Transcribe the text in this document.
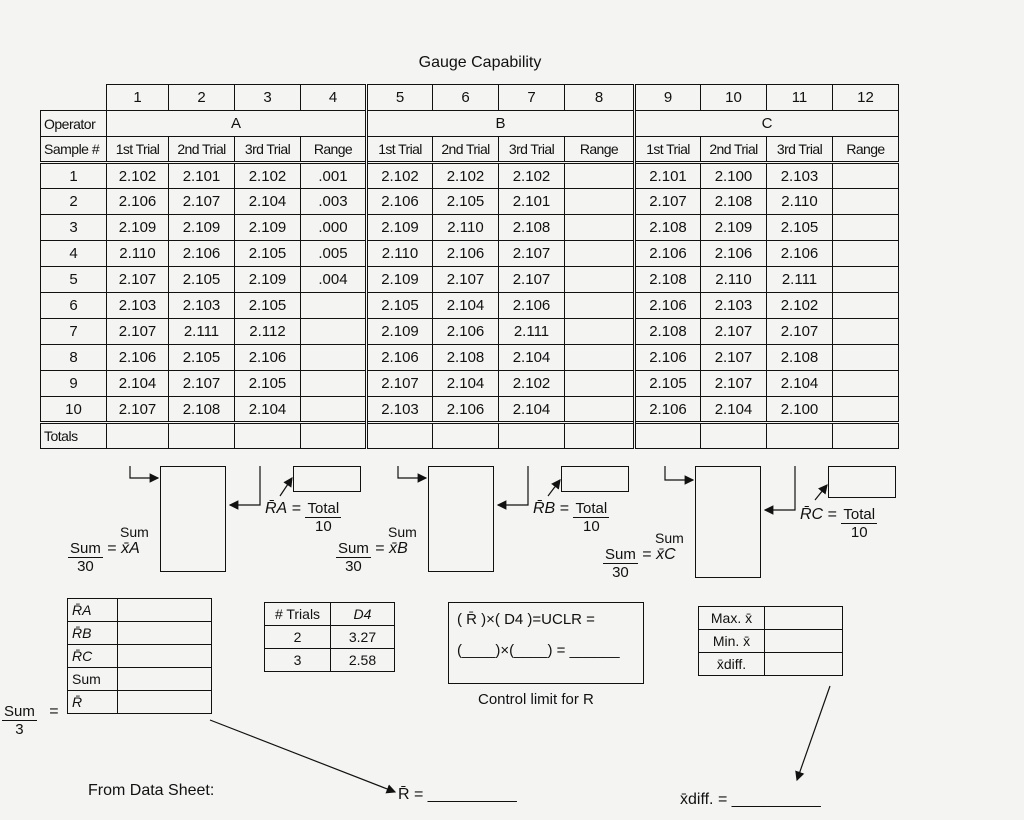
Gauge Capability
	1	2	3	4	5	6	7	8	9	10	11	12
Operator	A				B				C			
Sample #	1st Trial	2nd Trial	3rd Trial	Range	1st Trial	2nd Trial	3rd Trial	Range	1st Trial	2nd Trial	3rd Trial	Range
1	2.102	2.101	2.102	.001	2.102	2.102	2.102		2.101	2.100	2.103	
2	2.106	2.107	2.104	.003	2.106	2.105	2.101		2.107	2.108	2.110	
3	2.109	2.109	2.109	.000	2.109	2.110	2.108		2.108	2.109	2.105	
4	2.110	2.106	2.105	.005	2.110	2.106	2.107		2.106	2.106	2.106	
5	2.107	2.105	2.109	.004	2.109	2.107	2.107		2.108	2.110	2.111	
6	2.103	2.103	2.105		2.105	2.104	2.106		2.106	2.103	2.102	
7	2.107	2.111	2.112		2.109	2.106	2.111		2.108	2.107	2.107	
8	2.106	2.105	2.106		2.106	2.108	2.104		2.106	2.107	2.108	
9	2.104	2.107	2.105		2.107	2.104	2.102		2.105	2.107	2.104	
10	2.107	2.108	2.104		2.103	2.106	2.104		2.106	2.104	2.100	
Totals												
Sum
$\frac{\text{Sum}}{30}$ = x̄A
R̄A = $\frac{\text{Total}}{10}$	Sum
$\frac{\text{Sum}}{30}$ = x̄B
R̄B = $\frac{\text{Total}}{10}$
Sum
$\frac{\text{Sum}}{30}$ = x̄C
R̄C = $\frac{\text{Total}}{10}$
R̄A	
R̄B	
R̄C	
Sum	
R̄	
$\frac{\text{Sum}}{3}$ =
# Trials	D4
2	3.27
3	2.58
( R̄ )×( D4 )=UCLR =
(____)×(____) = ______
Control limit for R
Max. x̄	
Min. x̄	
x̄diff.	
From Data Sheet:	R̄ = __________	x̄diff. = __________
